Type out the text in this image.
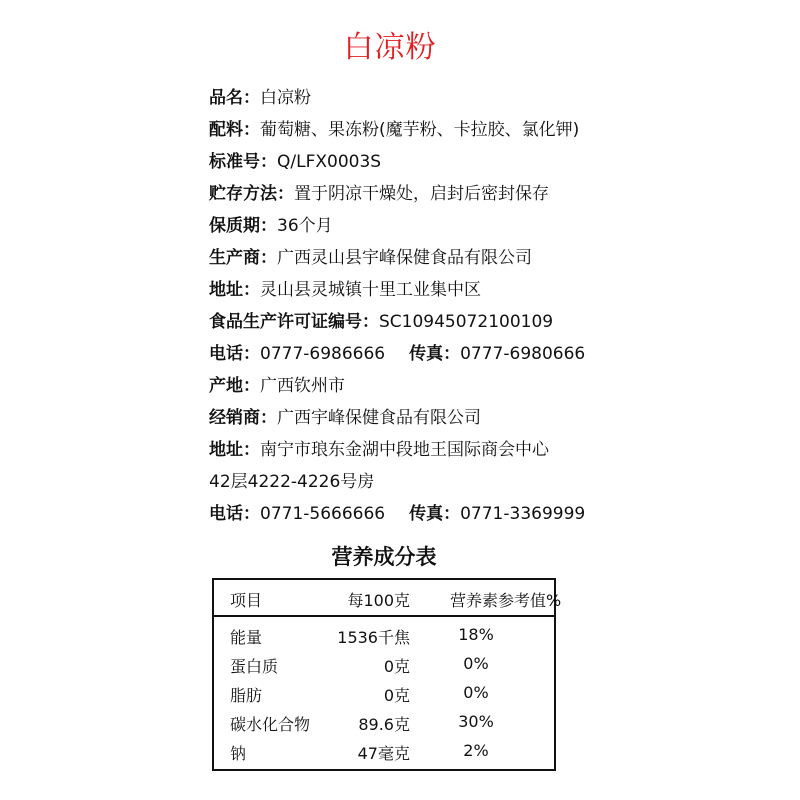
白凉粉
品名：白凉粉
配料：葡萄糖、果冻粉(魔芋粉、卡拉胶、氯化钾)
标准号：Q/LFX0003S
贮存方法：置于阴凉干燥处，启封后密封保存
保质期：36个月
生产商：广西灵山县宇峰保健食品有限公司
地址：灵山县灵城镇十里工业集中区
食品生产许可证编号：SC10945072100109
电话：0777-6986666 传真：0777-6980666
产地：广西钦州市
经销商：广西宇峰保健食品有限公司
地址：南宁市琅东金湖中段地王国际商会中心
42层4222-4226号房
电话：0771-5666666 传真：0771-3369999
营养成分表
项目	每100克	营养素参考值%
能量	1536千焦	18%
蛋白质	0克	0%
脂肪	0克	0%
碳水化合物	89.6克	30%
钠	47毫克	2%
